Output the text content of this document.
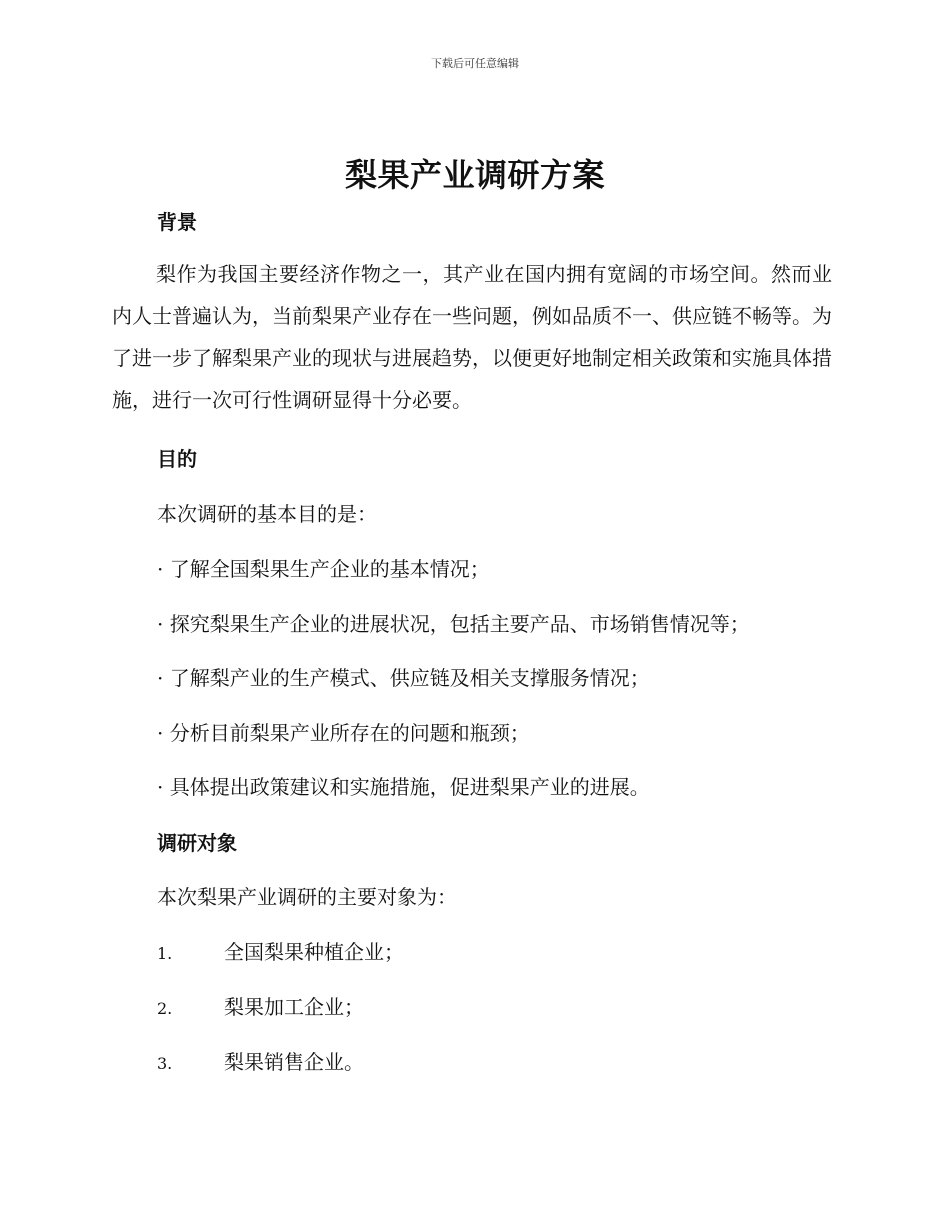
下载后可任意编辑
梨果产业调研方案
背景
梨作为我国主要经济作物之一，其产业在国内拥有宽阔的市场空间。然而业内人士普遍认为，当前梨果产业存在一些问题，例如品质不一、供应链不畅等。为了进一步了解梨果产业的现状与进展趋势，以便更好地制定相关政策和实施具体措施，进行一次可行性调研显得十分必要。
目的
本次调研的基本目的是：
· 了解全国梨果生产企业的基本情况；
· 探究梨果生产企业的进展状况，包括主要产品、市场销售情况等；
· 了解梨产业的生产模式、供应链及相关支撑服务情况；
· 分析目前梨果产业所存在的问题和瓶颈；
· 具体提出政策建议和实施措施，促进梨果产业的进展。
调研对象
本次梨果产业调研的主要对象为：
1.	全国梨果种植企业；
2.	梨果加工企业；
3.	梨果销售企业。
